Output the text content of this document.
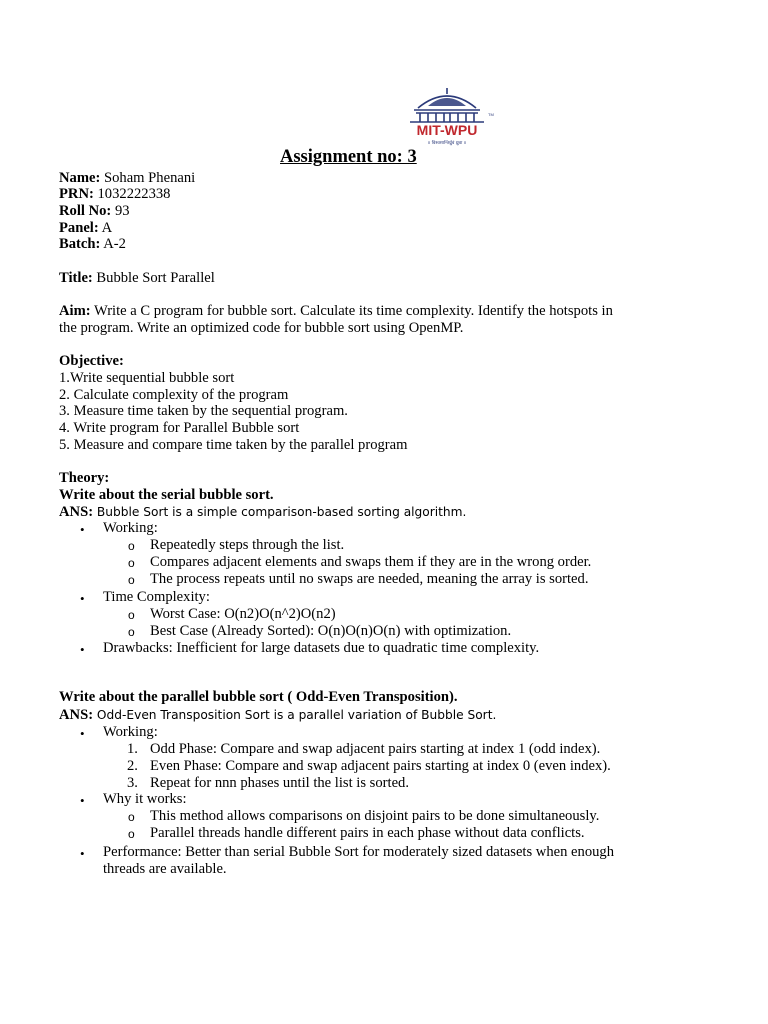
MIT-WPU
TM
॥ विश्वशान्तिर्ध्रुवं ध्रुवा ॥
Assignment no: 3
Name: Soham Phenani
PRN: 1032222338
Roll No: 93
Panel: A
Batch: A-2
Title: Bubble Sort Parallel
Aim: Write a C program for bubble sort. Calculate its time complexity. Identify the hotspots in
the program. Write an optimized code for bubble sort using OpenMP.
Objective:
1.Write sequential bubble sort
2. Calculate complexity of the program
3. Measure time taken by the sequential program.
4. Write program for Parallel Bubble sort
5. Measure and compare time taken by the parallel program
Theory:
Write about the serial bubble sort.
ANS: Bubble Sort is a simple comparison-based sorting algorithm.
• Working:
o Repeatedly steps through the list.
o Compares adjacent elements and swaps them if they are in the wrong order.
o The process repeats until no swaps are needed, meaning the array is sorted.
• Time Complexity:
o Worst Case: O(n2)O(n^2)O(n2)
o Best Case (Already Sorted): O(n)O(n)O(n) with optimization.
• Drawbacks: Inefficient for large datasets due to quadratic time complexity.
Write about the parallel bubble sort ( Odd-Even Transposition).
ANS: Odd-Even Transposition Sort is a parallel variation of Bubble Sort.
• Working:
1. Odd Phase: Compare and swap adjacent pairs starting at index 1 (odd index).
2. Even Phase: Compare and swap adjacent pairs starting at index 0 (even index).
3. Repeat for nnn phases until the list is sorted.
• Why it works:
o This method allows comparisons on disjoint pairs to be done simultaneously.
o Parallel threads handle different pairs in each phase without data conflicts.
• Performance: Better than serial Bubble Sort for moderately sized datasets when enough
threads are available.
